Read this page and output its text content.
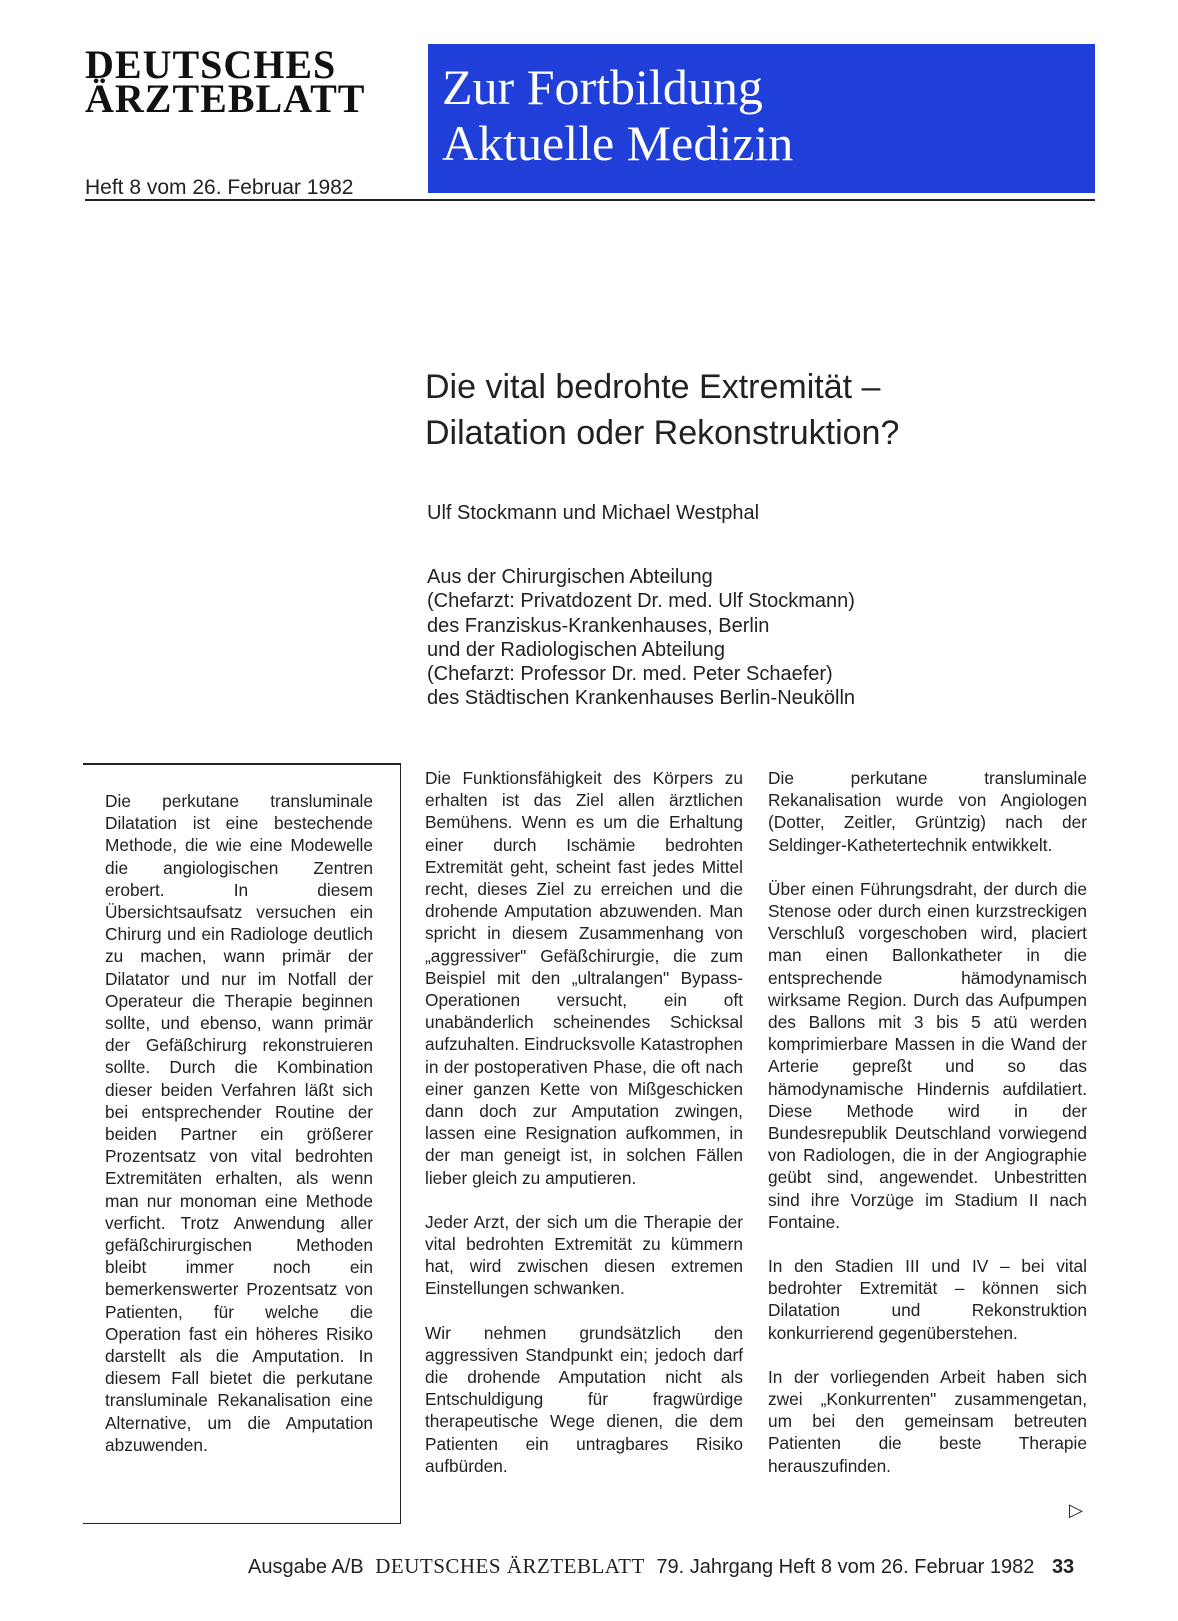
DEUTSCHES
ÄRZTEBLATT
Heft 8 vom 26. Februar 1982
Zur Fortbildung
Aktuelle Medizin
Die vital bedrohte Extremität –
Dilatation oder Rekonstruktion?
Ulf Stockmann und Michael Westphal
Aus der Chirurgischen Abteilung
(Chefarzt: Privatdozent Dr. med. Ulf Stockmann)
des Franziskus-Krankenhauses, Berlin
und der Radiologischen Abteilung
(Chefarzt: Professor Dr. med. Peter Schaefer)
des Städtischen Krankenhauses Berlin-Neukölln

Die perkutane transluminale Dilatation ist eine bestechende Methode, die wie eine Modewelle die angiologischen Zentren erobert. In diesem Übersichtsaufsatz versuchen ein Chirurg und ein Radiologe deutlich zu machen, wann primär der Dilatator und nur im Notfall der Operateur die Therapie beginnen sollte, und ebenso, wann primär der Gefäßchirurg rekonstruieren sollte. Durch die Kombination dieser beiden Verfahren läßt sich bei entsprechender Routine der beiden Partner ein größerer Prozentsatz von vital bedrohten Extremitäten erhalten, als wenn man nur monoman eine Methode verficht. Trotz Anwendung aller gefäßchirurgischen Methoden bleibt immer noch ein bemerkenswerter Prozentsatz von Patienten, für welche die Operation fast ein höheres Risiko darstellt als die Amputation. In diesem Fall bietet die perkutane transluminale Rekanalisation eine Alternative, um die Amputation abzuwenden.

Die Funktionsfähigkeit des Körpers zu erhalten ist das Ziel allen ärztlichen Bemühens. Wenn es um die Erhaltung einer durch Ischämie bedrohten Extremität geht, scheint fast jedes Mittel recht, dieses Ziel zu erreichen und die drohende Amputation abzuwenden. Man spricht in diesem Zusammenhang von „aggressiver" Gefäßchirurgie, die zum Beispiel mit den „ultralangen" Bypass-Operationen versucht, ein oft unabänderlich scheinendes Schicksal aufzuhalten. Eindrucksvolle Katastrophen in der postoperativen Phase, die oft nach einer ganzen Kette von Mißgeschicken dann doch zur Amputation zwingen, lassen eine Resignation aufkommen, in der man geneigt ist, in solchen Fällen lieber gleich zu amputieren.

Jeder Arzt, der sich um die Therapie der vital bedrohten Extremität zu kümmern hat, wird zwischen diesen extremen Einstellungen schwanken.

Wir nehmen grundsätzlich den aggressiven Standpunkt ein; jedoch darf die drohende Amputation nicht als Entschuldigung für fragwürdige therapeutische Wege dienen, die dem Patienten ein untragbares Risiko aufbürden.

Die perkutane transluminale Rekanalisation wurde von Angiologen (Dotter, Zeitler, Grüntzig) nach der Seldinger-Kathetertechnik entwikkelt.

Über einen Führungsdraht, der durch die Stenose oder durch einen kurzstreckigen Verschluß vorgeschoben wird, placiert man einen Ballonkatheter in die entsprechende hämodynamisch wirksame Region. Durch das Aufpumpen des Ballons mit 3 bis 5 atü werden komprimierbare Massen in die Wand der Arterie gepreßt und so das hämodynamische Hindernis aufdilatiert. Diese Methode wird in der Bundesrepublik Deutschland vorwiegend von Radiologen, die in der Angiographie geübt sind, angewendet. Unbestritten sind ihre Vorzüge im Stadium II nach Fontaine.

In den Stadien III und IV – bei vital bedrohter Extremität – können sich Dilatation und Rekonstruktion konkurrierend gegenüberstehen.

In der vorliegenden Arbeit haben sich zwei „Konkurrenten" zusammengetan, um bei den gemeinsam betreuten Patienten die beste Therapie herauszufinden.

▷
Ausgabe A/B DEUTSCHES ÄRZTEBLATT 79. Jahrgang Heft 8 vom 26. Februar 1982 33
